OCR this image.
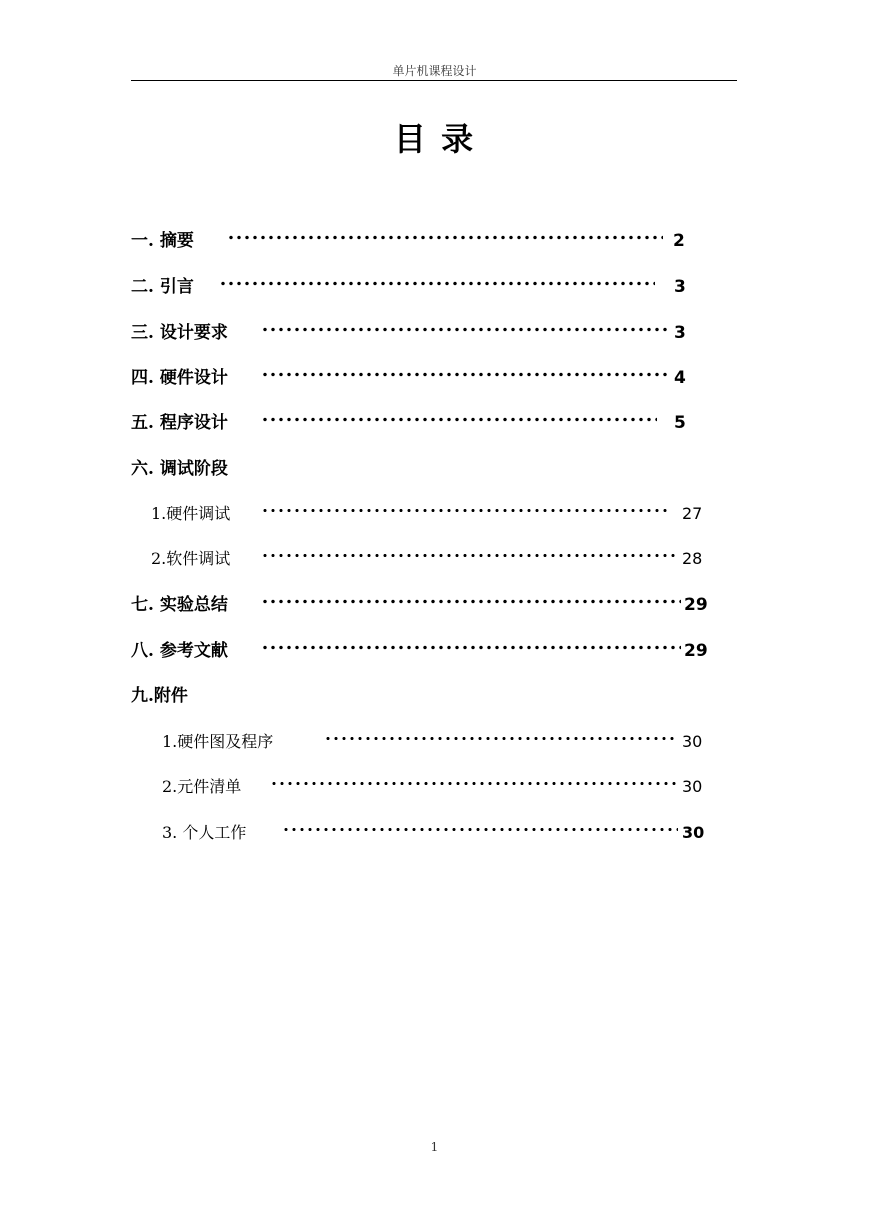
单片机课程设计
目 录
一. 摘要	2
二. 引言	3
三. 设计要求	3
四. 硬件设计	4
五. 程序设计	5
六. 调试阶段
1.硬件调试	27
2.软件调试	28
七. 实验总结	29
八. 参考文献	29
九.附件
1.硬件图及程序	30
2.元件清单	30
3. 个人工作	30
1
